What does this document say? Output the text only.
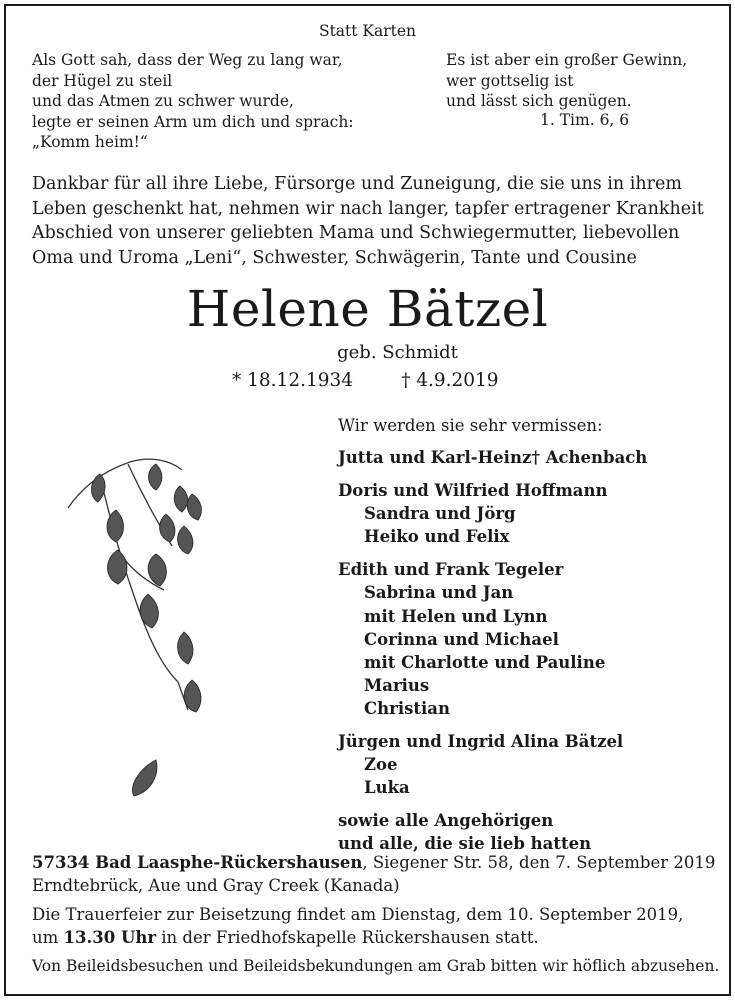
Statt Karten
Als Gott sah, dass der Weg zu lang war,
der Hügel zu steil
und das Atmen zu schwer wurde,
legte er seinen Arm um dich und sprach:
„Komm heim!“
Es ist aber ein großer Gewinn,
wer gottselig ist
und lässt sich genügen.
1. Tim. 6, 6
Dankbar für all ihre Liebe, Fürsorge und Zuneigung, die sie uns in ihrem Leben geschenkt hat, nehmen wir nach langer, tapfer ertragener Krankheit Abschied von unserer geliebten Mama und Schwiegermutter, liebevollen Oma und Uroma „Leni“, Schwester, Schwägerin, Tante und Cousine
Helene Bätzel
geb. Schmidt
* 18.12.1934	† 4.9.2019
Wir werden sie sehr vermissen:
Jutta und Karl-Heinz† Achenbach
Doris und Wilfried Hoffmann
Sandra und Jörg
Heiko und Felix
Edith und Frank Tegeler
Sabrina und Jan
mit Helen und Lynn
Corinna und Michael
mit Charlotte und Pauline
Marius
Christian
Jürgen und Ingrid Alina Bätzel
Zoe
Luka
sowie alle Angehörigen
und alle, die sie lieb hatten
57334 Bad Laasphe-Rückershausen, Siegener Str. 58, den 7. September 2019
Erndtebrück, Aue und Gray Creek (Kanada)
Die Trauerfeier zur Beisetzung findet am Dienstag, dem 10. September 2019,
um 13.30 Uhr in der Friedhofskapelle Rückershausen statt.
Von Beileidsbesuchen und Beileidsbekundungen am Grab bitten wir höflich abzusehen.
